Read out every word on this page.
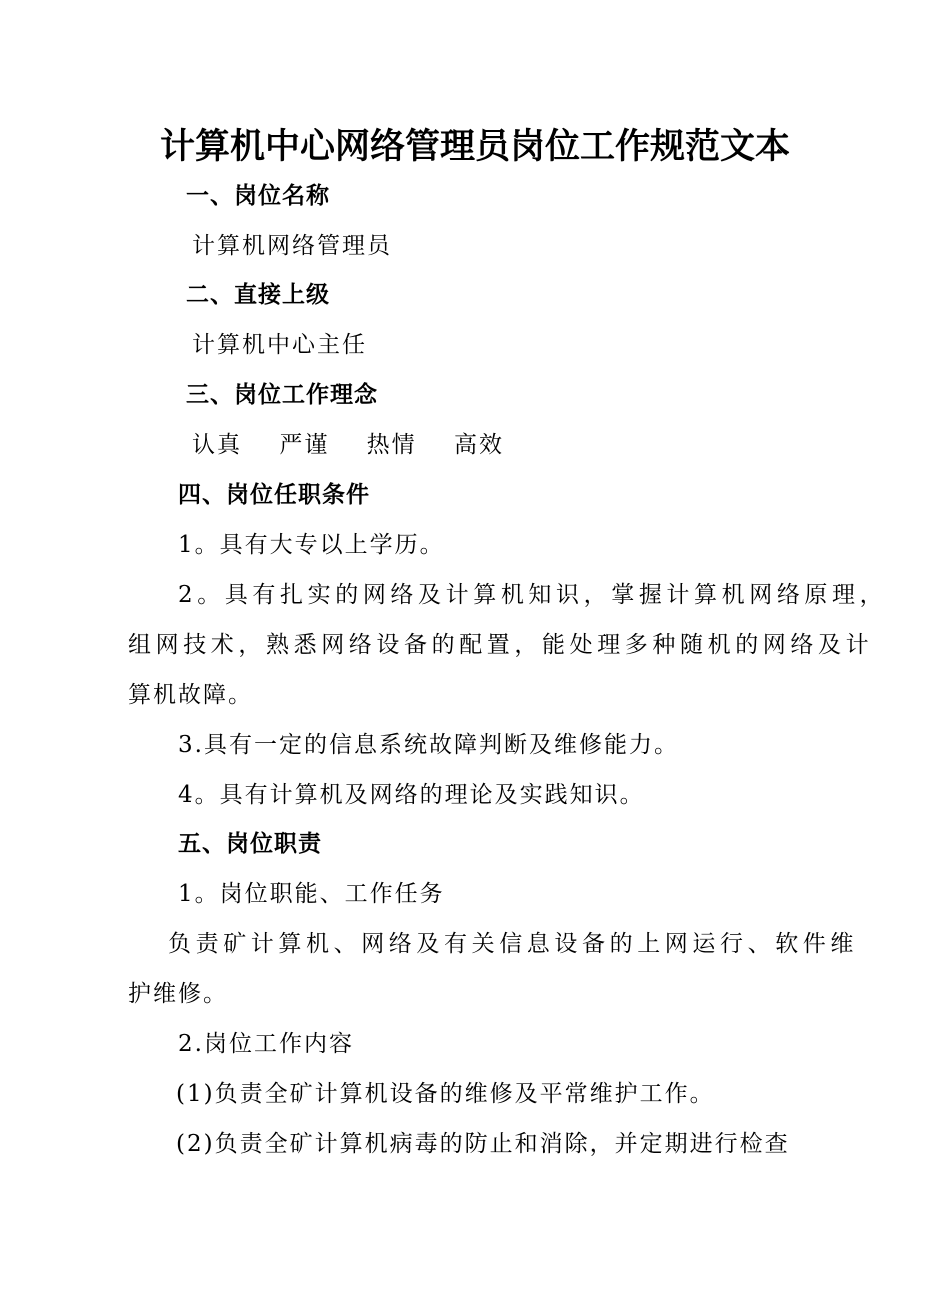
计算机中心网络管理员岗位工作规范文本
一、岗位名称
计算机网络管理员
二、直接上级
计算机中心主任
三、岗位工作理念
认真 严谨 热情 高效
四、岗位任职条件
1。具有大专以上学历。
2。具有扎实的网络及计算机知识，掌握计算机网络原理，
组网技术，熟悉网络设备的配置，能处理多种随机的网络及计
算机故障。
3.具有一定的信息系统故障判断及维修能力。
4。具有计算机及网络的理论及实践知识。
五、岗位职责
1。岗位职能、工作任务
负责矿计算机、网络及有关信息设备的上网运行、软件维
护维修。
2.岗位工作内容
(1)负责全矿计算机设备的维修及平常维护工作。
(2)负责全矿计算机病毒的防止和消除，并定期进行检查
